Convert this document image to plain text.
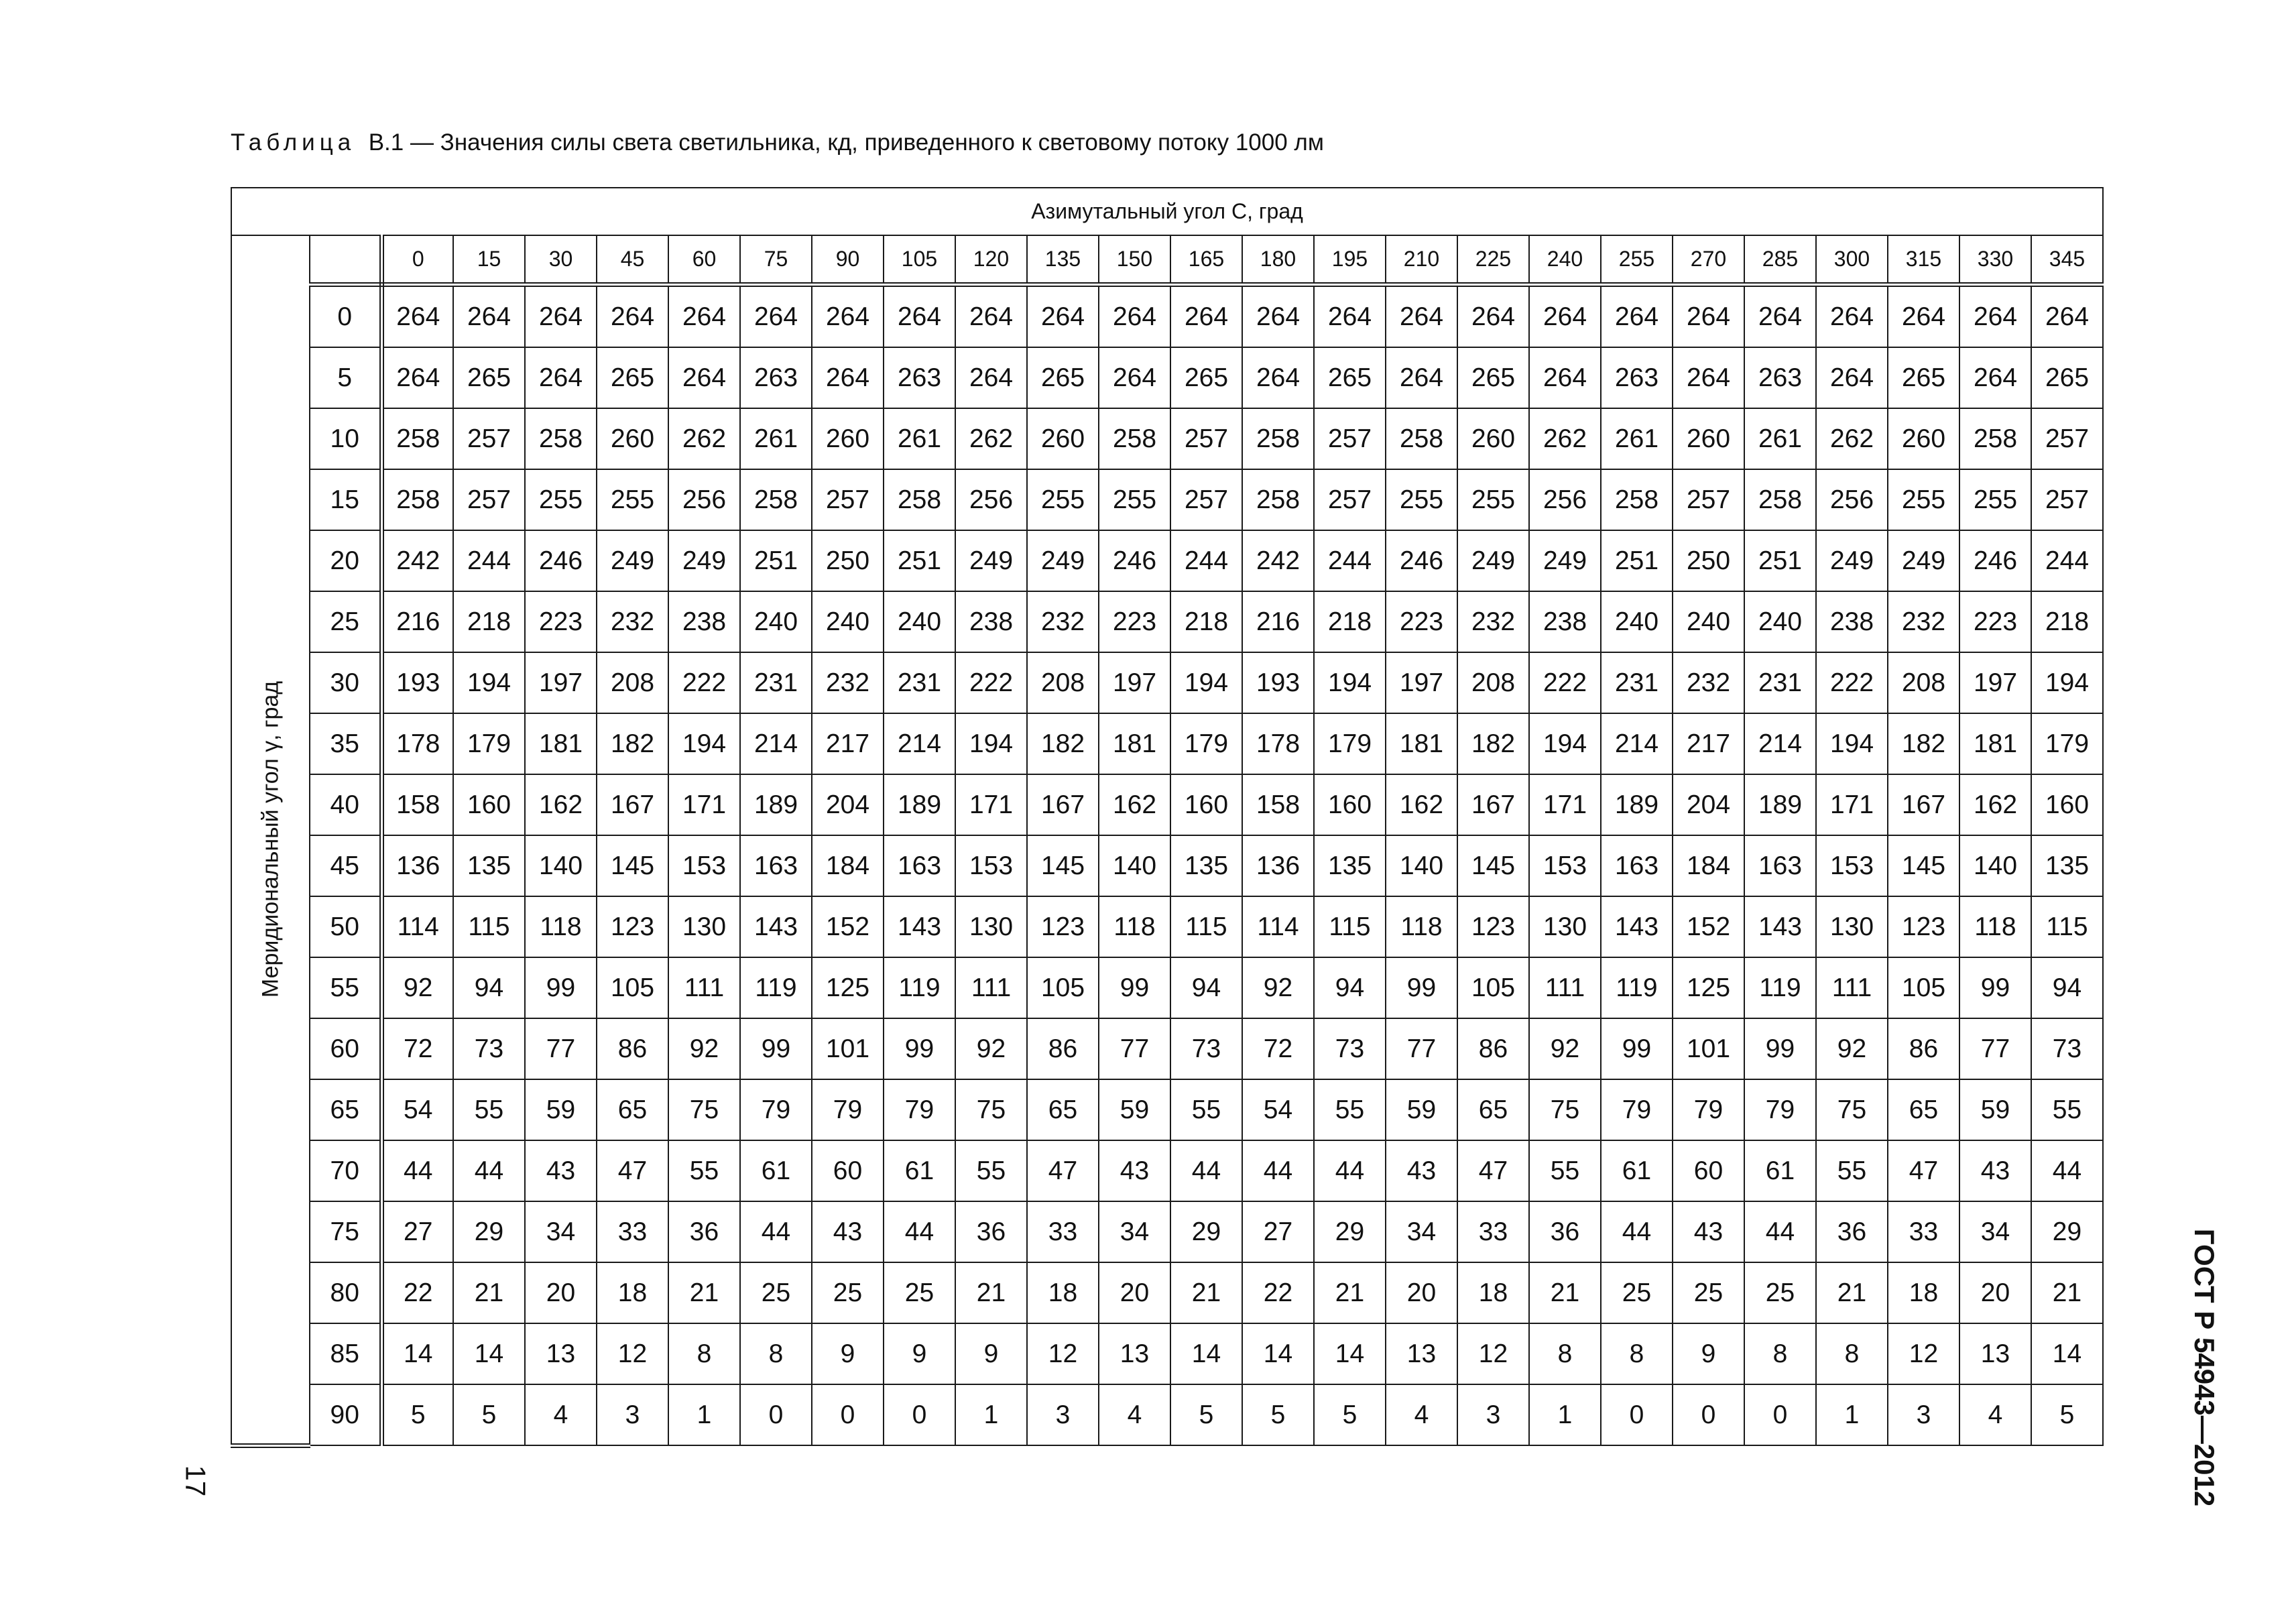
Таблица В.1 — Значения силы света светильника, кд, приведенного к световому потоку 1000 лм

Азимутальный угол C, град																									

Меридиональный угол γ, град		0	15	30	45	60	75	90	105	120	135	150	165	180	195	210	225	240	255	270	285	300	315	330	345
	0	264	264	264	264	264	264	264	264	264	264	264	264	264	264	264	264	264	264	264	264	264	264	264	264
	5	264	265	264	265	264	263	264	263	264	265	264	265	264	265	264	265	264	263	264	263	264	265	264	265
	10	258	257	258	260	262	261	260	261	262	260	258	257	258	257	258	260	262	261	260	261	262	260	258	257
	15	258	257	255	255	256	258	257	258	256	255	255	257	258	257	255	255	256	258	257	258	256	255	255	257
	20	242	244	246	249	249	251	250	251	249	249	246	244	242	244	246	249	249	251	250	251	249	249	246	244
	25	216	218	223	232	238	240	240	240	238	232	223	218	216	218	223	232	238	240	240	240	238	232	223	218
	30	193	194	197	208	222	231	232	231	222	208	197	194	193	194	197	208	222	231	232	231	222	208	197	194
	35	178	179	181	182	194	214	217	214	194	182	181	179	178	179	181	182	194	214	217	214	194	182	181	179
	40	158	160	162	167	171	189	204	189	171	167	162	160	158	160	162	167	171	189	204	189	171	167	162	160
	45	136	135	140	145	153	163	184	163	153	145	140	135	136	135	140	145	153	163	184	163	153	145	140	135
	50	114	115	118	123	130	143	152	143	130	123	118	115	114	115	118	123	130	143	152	143	130	123	118	115
	55	92	94	99	105	111	119	125	119	111	105	99	94	92	94	99	105	111	119	125	119	111	105	99	94
	60	72	73	77	86	92	99	101	99	92	86	77	73	72	73	77	86	92	99	101	99	92	86	77	73
	65	54	55	59	65	75	79	79	79	75	65	59	55	54	55	59	65	75	79	79	79	75	65	59	55
	70	44	44	43	47	55	61	60	61	55	47	43	44	44	44	43	47	55	61	60	61	55	47	43	44
	75	27	29	34	33	36	44	43	44	36	33	34	29	27	29	34	33	36	44	43	44	36	33	34	29
	80	22	21	20	18	21	25	25	25	21	18	20	21	22	21	20	18	21	25	25	25	21	18	20	21
	85	14	14	13	12	8	8	9	9	9	12	13	14	14	14	13	12	8	8	9	8	8	12	13	14
	90	5	5	4	3	1	0	0	0	1	3	4	5	5	5	4	3	1	0	0	0	1	3	4	5
17	ГОСТ Р 54943—2012
